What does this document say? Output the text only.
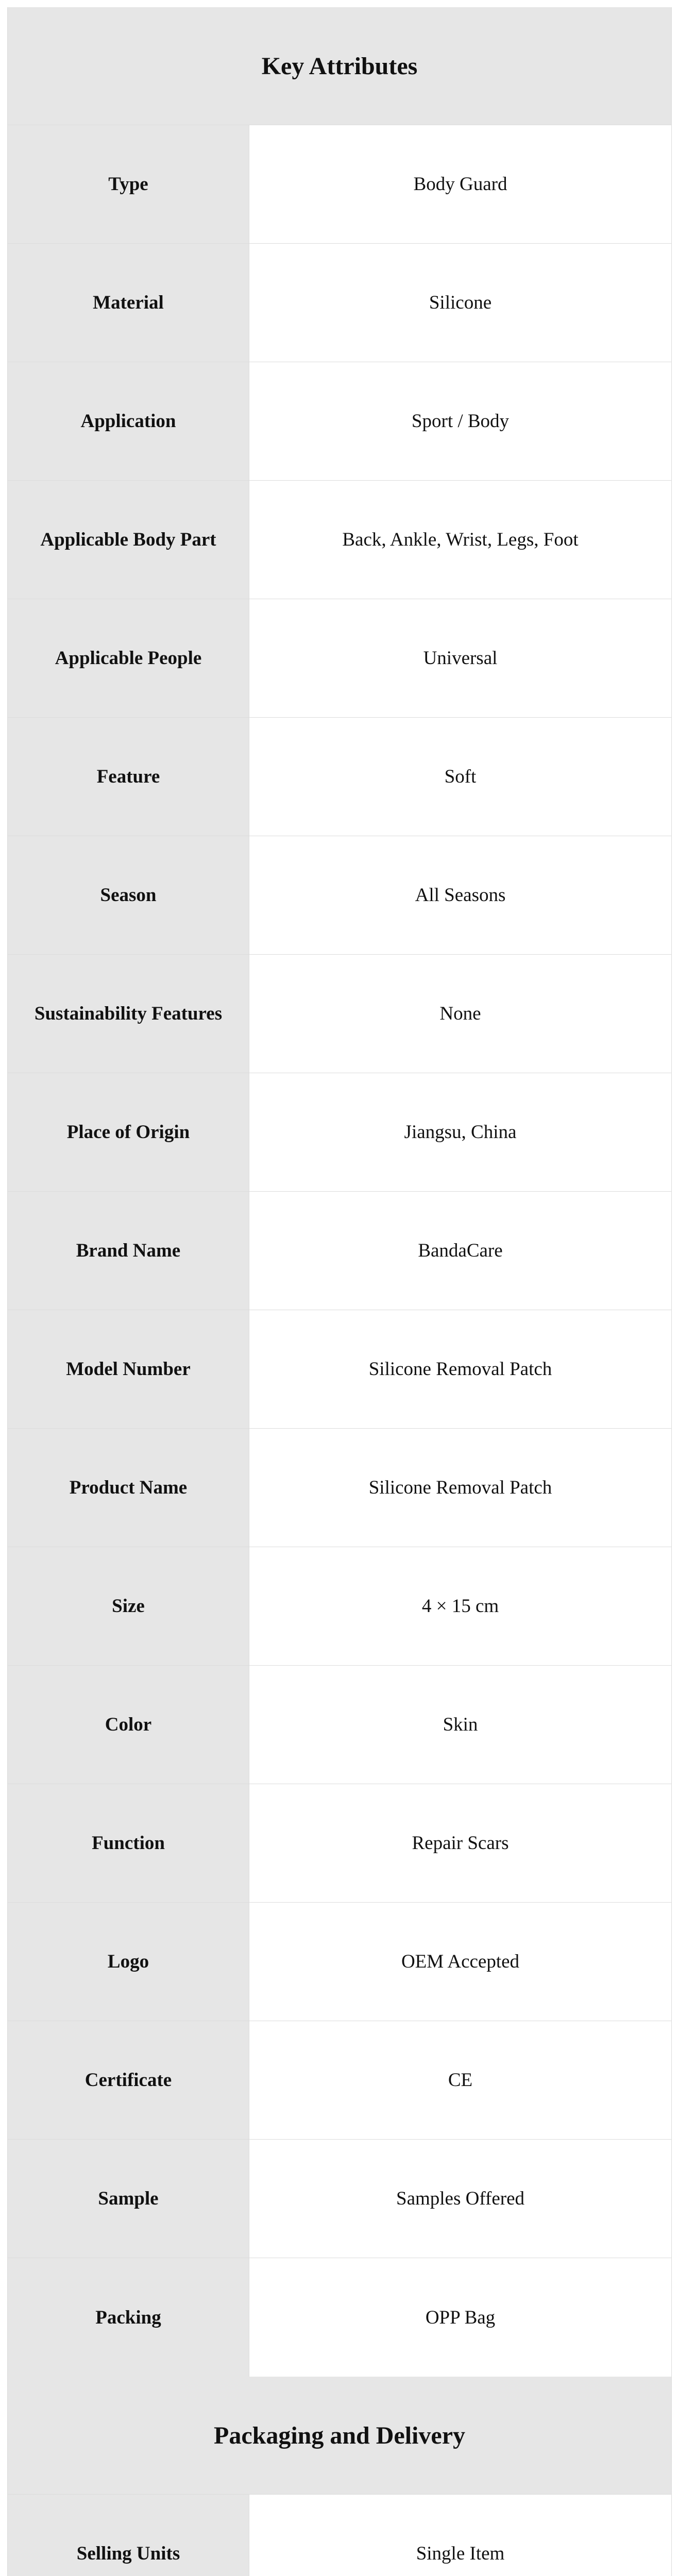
Key Attributes
Type	Body Guard
Material	Silicone
Application	Sport / Body
Applicable Body Part	Back, Ankle, Wrist, Legs, Foot
Applicable People	Universal
Feature	Soft
Season	All Seasons
Sustainability Features	None
Place of Origin	Jiangsu, China
Brand Name	BandaCare
Model Number	Silicone Removal Patch
Product Name	Silicone Removal Patch
Size	4 × 15 cm
Color	Skin
Function	Repair Scars
Logo	OEM Accepted
Certificate	CE
Sample	Samples Offered
Packing	OPP Bag
Packaging and Delivery
Selling Units	Single Item
